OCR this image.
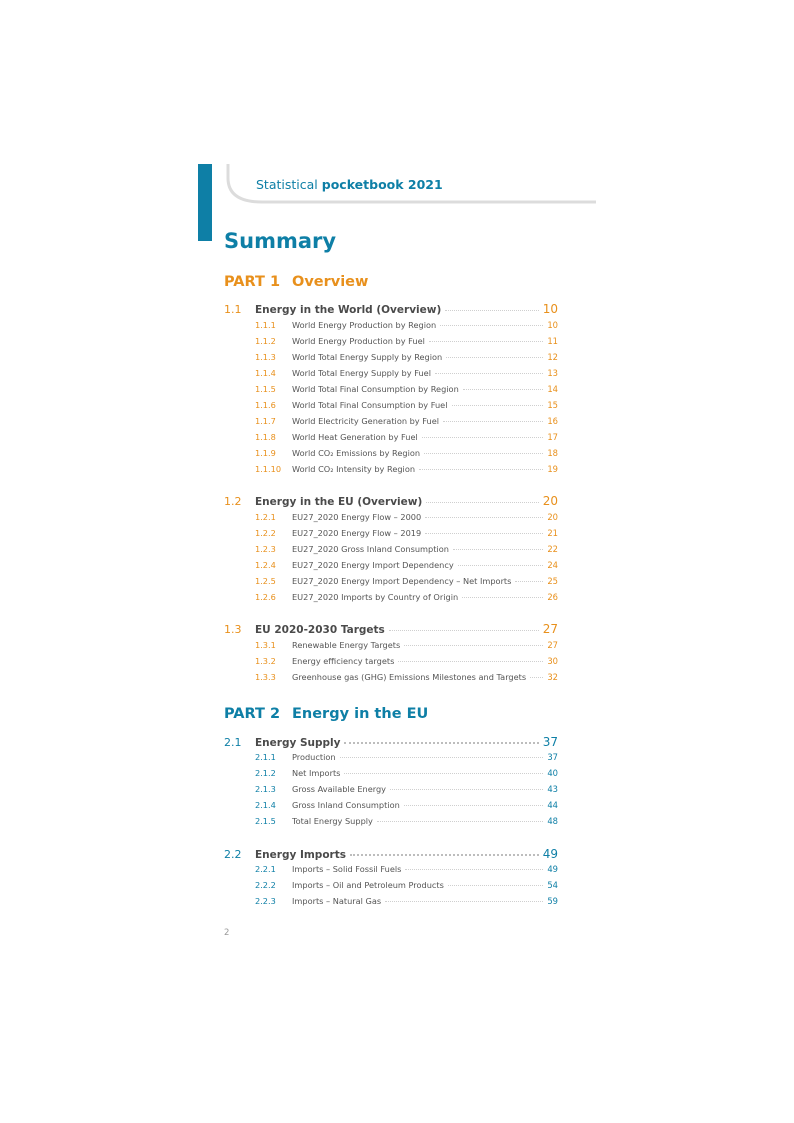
Statistical pocketbook 2021
Summary
PART 1 Overview
1.1	Energy in the World (Overview)	10
1.1.1	World Energy Production by Region	10
1.1.2	World Energy Production by Fuel	11
1.1.3	World Total Energy Supply by Region	12
1.1.4	World Total Energy Supply by Fuel	13
1.1.5	World Total Final Consumption by Region	14
1.1.6	World Total Final Consumption by Fuel	15
1.1.7	World Electricity Generation by Fuel	16
1.1.8	World Heat Generation by Fuel	17
1.1.9	World CO₂ Emissions by Region	18
1.1.10	World CO₂ Intensity by Region	19
1.2	Energy in the EU (Overview)	20
1.2.1	EU27_2020 Energy Flow – 2000	20
1.2.2	EU27_2020 Energy Flow – 2019	21
1.2.3	EU27_2020 Gross Inland Consumption	22
1.2.4	EU27_2020 Energy Import Dependency	24
1.2.5	EU27_2020 Energy Import Dependency – Net Imports	25
1.2.6	EU27_2020 Imports by Country of Origin	26
1.3	EU 2020-2030 Targets	27
1.3.1	Renewable Energy Targets	27
1.3.2	Energy efficiency targets	30
1.3.3	Greenhouse gas (GHG) Emissions Milestones and Targets	32
PART 2 Energy in the EU
2.1	Energy Supply	37
2.1.1	Production	37
2.1.2	Net Imports	40
2.1.3	Gross Available Energy	43
2.1.4	Gross Inland Consumption	44
2.1.5	Total Energy Supply	48
2.2	Energy Imports	49
2.2.1	Imports – Solid Fossil Fuels	49
2.2.2	Imports – Oil and Petroleum Products	54
2.2.3	Imports – Natural Gas	59
2
